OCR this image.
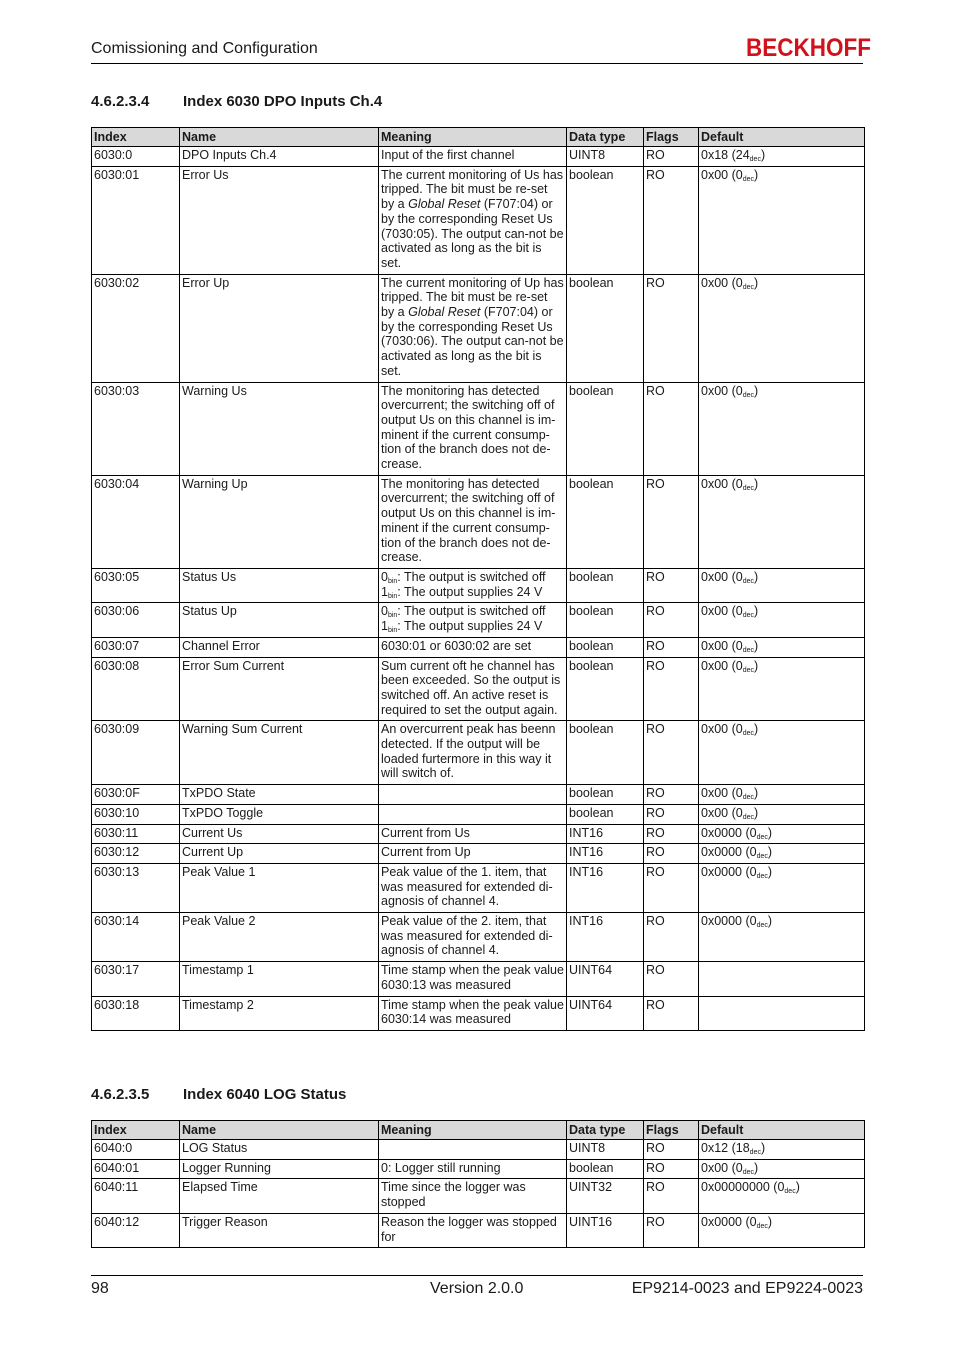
Comissioning and Configuration	BECKHOFF
4.6.2.3.4 Index 6030 DPO Inputs Ch.4
Index	Name	Meaning	Data type	Flags	Default
6030:0	DPO Inputs Ch.4	Input of the first channel	UINT8	RO	0x18 $(24_{dec})$
6030:01	Error Us	The current monitoring of Us has tripped. The bit must be re-set by a Global Reset (F707:04) or by the corresponding Reset Us (7030:05). The output can-not be activated as long as the bit is set.	boolean	RO	0x00 $(0_{dec})$
6030:02	Error Up	The current monitoring of Up has tripped. The bit must be re-set by a Global Reset (F707:04) or by the corresponding Reset Us (7030:06). The output can-not be activated as long as the bit is set.	boolean	RO	0x00 $(0_{dec})$
6030:03	Warning Us	The monitoring has detected overcurrent; the switching off of output Us on this channel is im-minent if the current consump-tion of the branch does not de-crease.	boolean	RO	0x00 $(0_{dec})$
6030:04	Warning Up	The monitoring has detected overcurrent; the switching off of output Us on this channel is im-minent if the current consump-tion of the branch does not de-crease.	boolean	RO	0x00 $(0_{dec})$
6030:05	Status Us	$0_{bin}$: The output is switched off
$1_{bin}$: The output supplies 24 V	boolean	RO	0x00 $(0_{dec})$
6030:06	Status Up	$0_{bin}$: The output is switched off
$1_{bin}$: The output supplies 24 V	boolean	RO	0x00 $(0_{dec})$
6030:07	Channel Error	6030:01 or 6030:02 are set	boolean	RO	0x00 $(0_{dec})$
6030:08	Error Sum Current	Sum current oft he channel has been exceeded. So the output is switched off. An active reset is required to set the output again.	boolean	RO	0x00 $(0_{dec})$
6030:09	Warning Sum Current	An overcurrent peak has beenn detected. If the output will be loaded furtermore in this way it will switch of.	boolean	RO	0x00 $(0_{dec})$
6030:0F	TxPDO State		boolean	RO	0x00 $(0_{dec})$
6030:10	TxPDO Toggle		boolean	RO	0x00 $(0_{dec})$
6030:11	Current Us	Current from Us	INT16	RO	0x0000 $(0_{dec})$
6030:12	Current Up	Current from Up	INT16	RO	0x0000 $(0_{dec})$
6030:13	Peak Value 1	Peak value of the 1. item, that was measured for extended di-agnosis of channel 4.	INT16	RO	0x0000 $(0_{dec})$
6030:14	Peak Value 2	Peak value of the 2. item, that was measured for extended di-agnosis of channel 4.	INT16	RO	0x0000 $(0_{dec})$
6030:17	Timestamp 1	Time stamp when the peak value 6030:13 was measured	UINT64	RO	
6030:18	Timestamp 2	Time stamp when the peak value 6030:14 was measured	UINT64	RO	
4.6.2.3.5 Index 6040 LOG Status
Index	Name	Meaning	Data type	Flags	Default
6040:0	LOG Status		UINT8	RO	0x12 $(18_{dec})$
6040:01	Logger Running	0: Logger still running	boolean	RO	0x00 $(0_{dec})$
6040:11	Elapsed Time	Time since the logger was stopped	UINT32	RO	0x00000000 $(0_{dec})$
6040:12	Trigger Reason	Reason the logger was stopped for	UINT16	RO	0x0000 $(0_{dec})$
98	Version 2.0.0	EP9214-0023 and EP9224-0023
